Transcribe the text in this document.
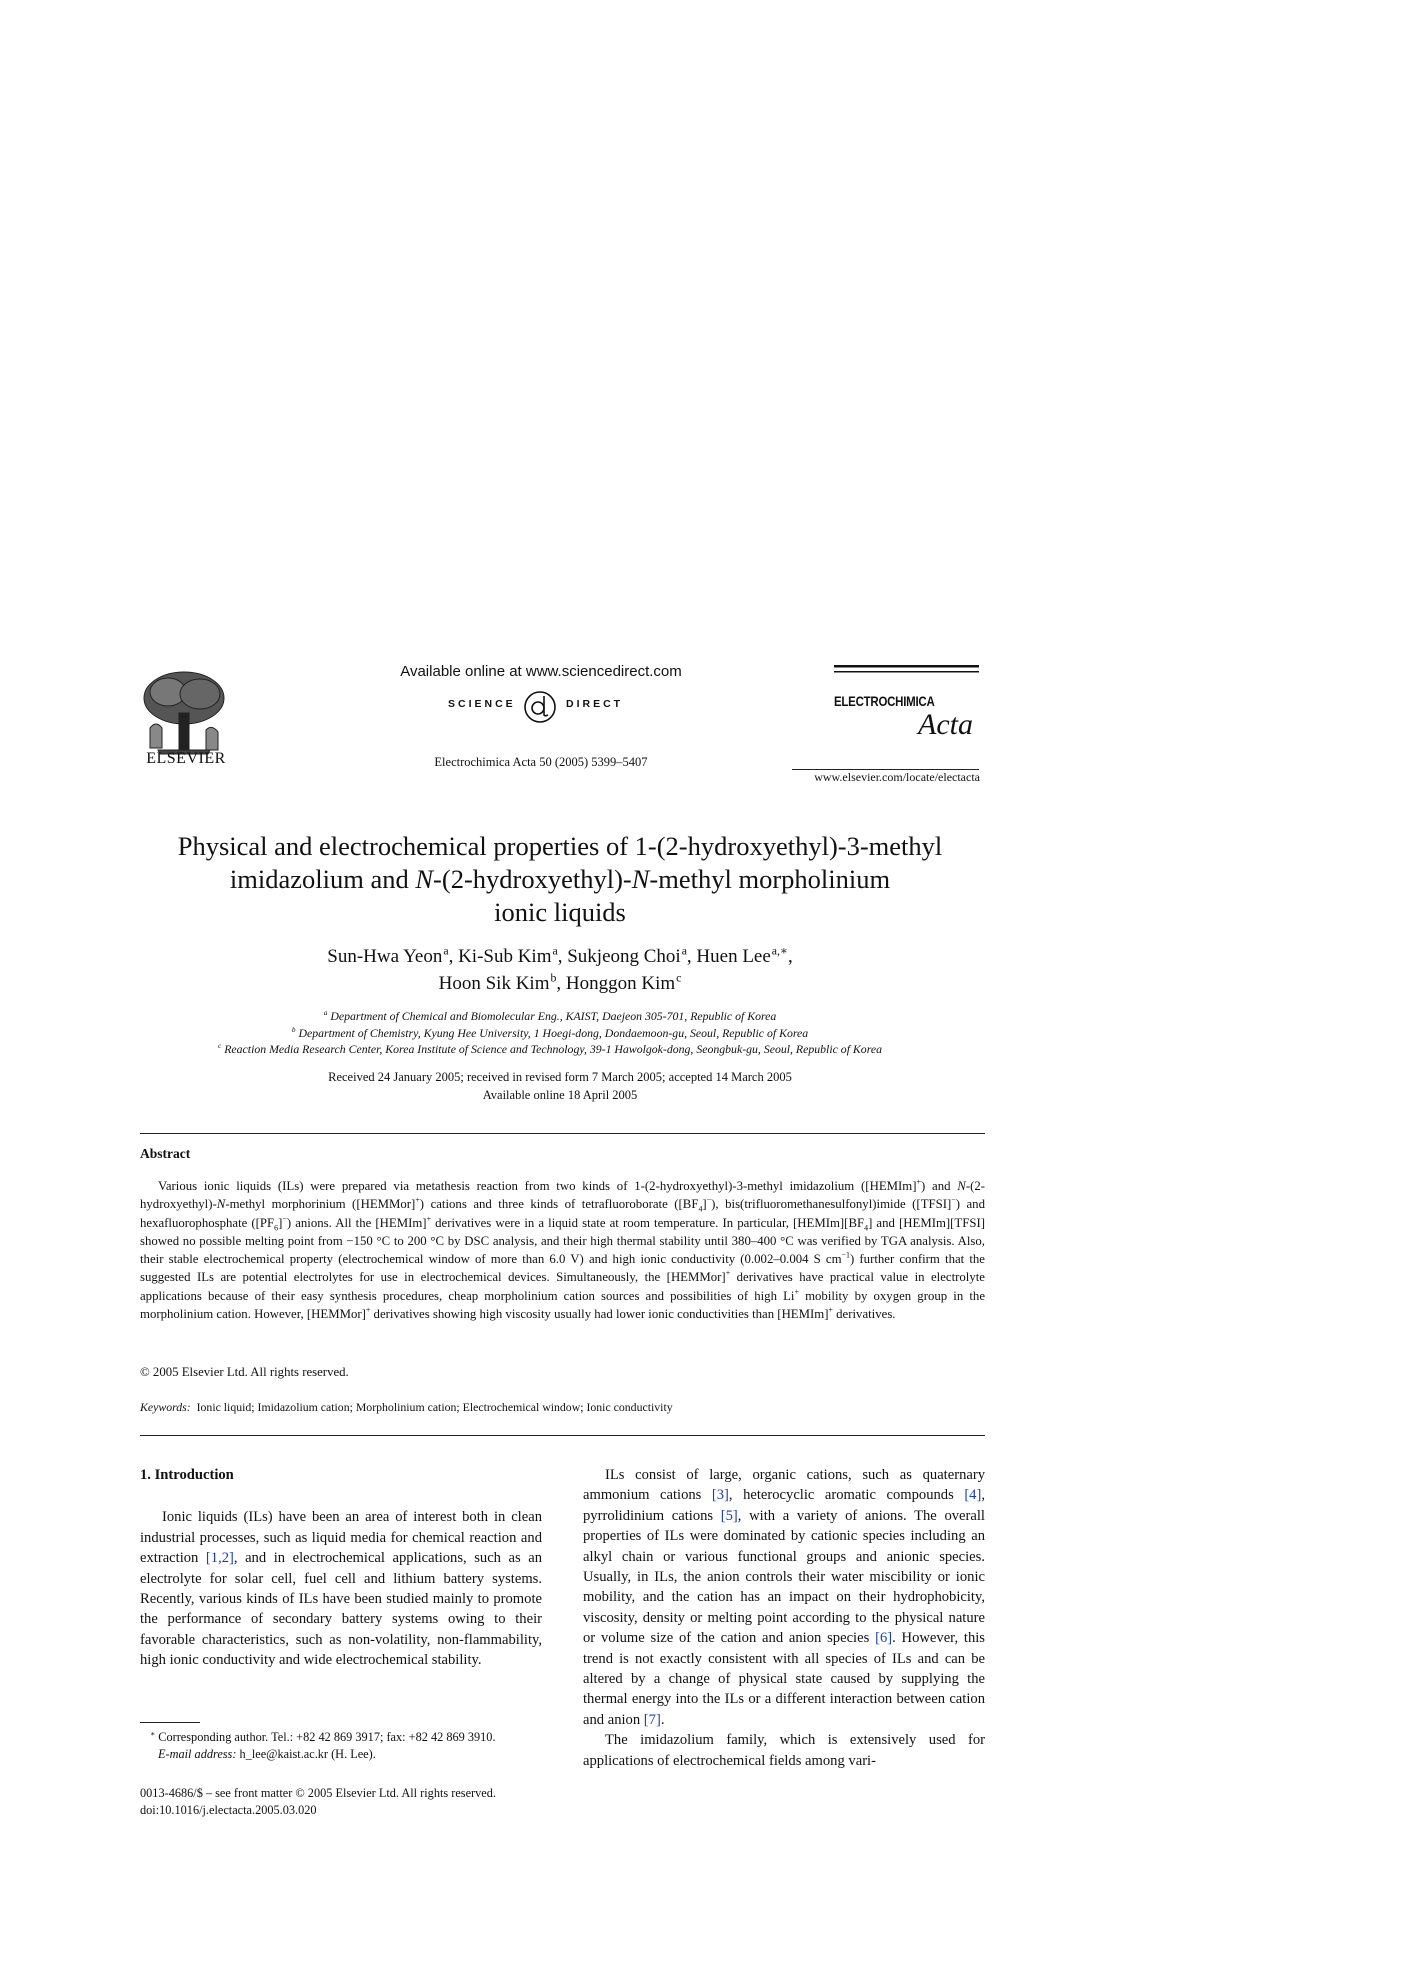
ELSEVIER
Available online at www.sciencedirect.com
SCIENCE	DIRECT
Electrochimica Acta 50 (2005) 5399–5407
ELECTROCHIMICA
Acta
www.elsevier.com/locate/electacta
Physical and electrochemical properties of 1-(2-hydroxyethyl)-3-methyl
imidazolium and N-(2-hydroxyethyl)-N-methyl morpholinium
ionic liquids
Sun-Hwa Yeon $^a$, Ki-Sub Kim $^a$, Sukjeong Choi $^a$, Huen Lee $^{a,∗}$,
Hoon Sik Kim $^b$, Honggon Kim $^c$
$^a$ Department of Chemical and Biomolecular Eng., KAIST, Daejeon 305-701, Republic of Korea
$^b$ Department of Chemistry, Kyung Hee University, 1 Hoegi-dong, Dondaemoon-gu, Seoul, Republic of Korea
$^c$ Reaction Media Research Center, Korea Institute of Science and Technology, 39-1 Hawolgok-dong, Seongbuk-gu, Seoul, Republic of Korea
Received 24 January 2005; received in revised form 7 March 2005; accepted 14 March 2005
Available online 18 April 2005
Abstract
Various ionic liquids (ILs) were prepared via metathesis reaction from two kinds of 1-(2-hydroxyethyl)-3-methyl imidazolium ([HEMIm]+) and N-(2-hydroxyethyl)-N-methyl morphorinium ([HEMMor]+) cations and three kinds of tetrafluoroborate $([BF_4]^-)$, bis(trifluoromethanesulfonyl)imide ([TFSI]−) and hexafluorophosphate $([PF_6]^-)$ anions. All the [HEMIm]+ derivatives were in a liquid state at room temperature. In particular, $[HEMIm][BF_4]$ and [HEMIm][TFSI] showed no possible melting point from −150 °C to 200 °C by DSC analysis, and their high thermal stability until 380–400 °C was verified by TGA analysis. Also, their stable electrochemical property (electrochemical window of more than 6.0 V) and high ionic conductivity (0.002–0.004 S $cm^{-1}$) further confirm that the suggested ILs are potential electrolytes for use in electrochemical devices. Simultaneously, the [HEMMor]+ derivatives have practical value in electrolyte applications because of their easy synthesis procedures, cheap morpholinium cation sources and possibilities of high Li+ mobility by oxygen group in the morpholinium cation. However, [HEMMor]+ derivatives showing high viscosity usually had lower ionic conductivities than [HEMIm]+ derivatives.
© 2005 Elsevier Ltd. All rights reserved.
Keywords: Ionic liquid; Imidazolium cation; Morpholinium cation; Electrochemical window; Ionic conductivity
1. Introduction

Ionic liquids (ILs) have been an area of interest both in clean industrial processes, such as liquid media for chemical reaction and extraction [1,2], and in electrochemical applications, such as an electrolyte for solar cell, fuel cell and lithium battery systems. Recently, various kinds of ILs have been studied mainly to promote the performance of secondary battery systems owing to their favorable characteristics, such as non-volatility, non-flammability, high ionic conductivity and wide electrochemical stability.

ILs consist of large, organic cations, such as quaternary ammonium cations [3], heterocyclic aromatic compounds [4], pyrrolidinium cations [5], with a variety of anions. The overall properties of ILs were dominated by cationic species including an alkyl chain or various functional groups and anionic species. Usually, in ILs, the anion controls their water miscibility or ionic mobility, and the cation has an impact on their hydrophobicity, viscosity, density or melting point according to the physical nature or volume size of the cation and anion species [6]. However, this trend is not exactly consistent with all species of ILs and can be altered by a change of physical state caused by supplying the thermal energy into the ILs or a different interaction between cation and anion [7].

The imidazolium family, which is extensively used for applications of electrochemical fields among vari-

∗ Corresponding author. Tel.: +82 42 869 3917; fax: +82 42 869 3910.
E-mail address: h_lee@kaist.ac.kr (H. Lee).
0013-4686/$ – see front matter © 2005 Elsevier Ltd. All rights reserved.
doi:10.1016/j.electacta.2005.03.020
